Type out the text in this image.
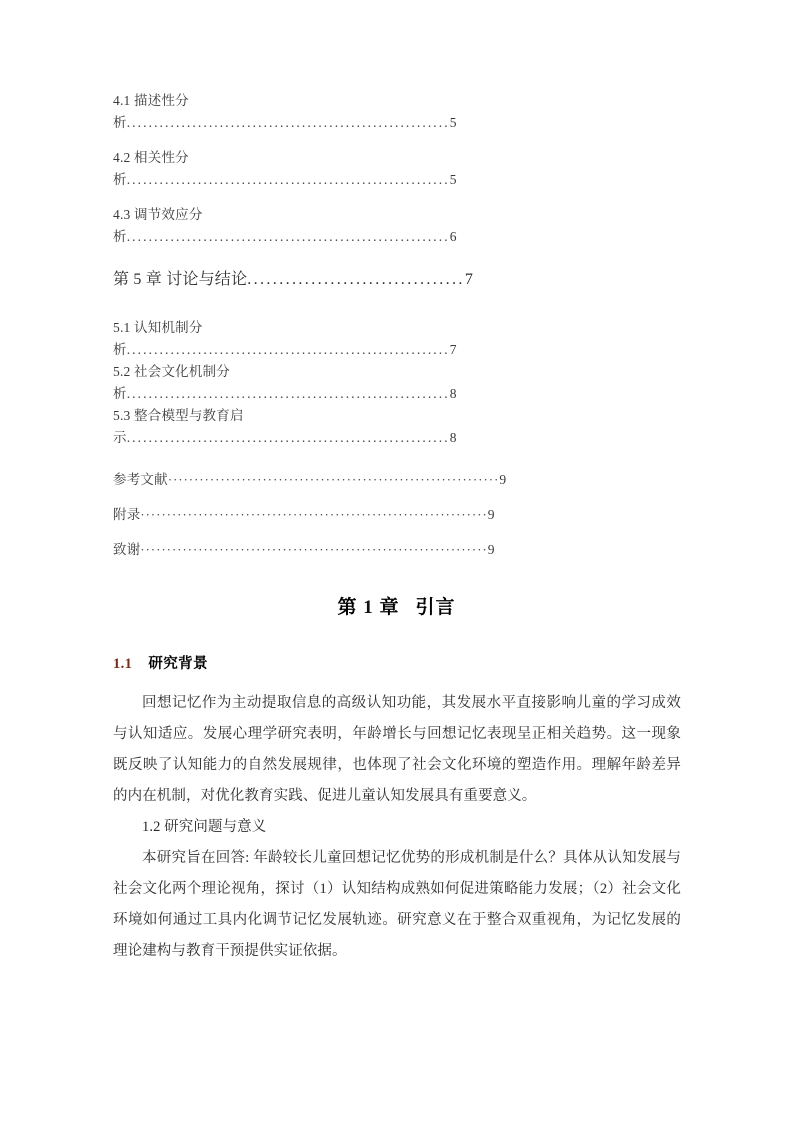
4.1 描述性分
析...........................................................5
4.2 相关性分
析...........................................................5
4.3 调节效应分
析...........................................................6
第 5 章 讨论与结论..................................7
5.1 认知机制分
析...........................................................7
5.2 社会文化机制分
析...........................................................8
5.3 整合模型与教育启
示...........................................................8
参考文献·······························································9
附录··································································9
致谢··································································9
第 1 章 引言
1.1 研究背景

回想记忆作为主动提取信息的高级认知功能，其发展水平直接影响儿童的学习成效与认知适应。发展心理学研究表明，年龄增长与回想记忆表现呈正相关趋势。这一现象既反映了认知能力的自然发展规律，也体现了社会文化环境的塑造作用。理解年龄差异的内在机制，对优化教育实践、促进儿童认知发展具有重要意义。

1.2 研究问题与意义

本研究旨在回答: 年龄较长儿童回想记忆优势的形成机制是什么？具体从认知发展与社会文化两个理论视角，探讨（1）认知结构成熟如何促进策略能力发展；（2）社会文化环境如何通过工具内化调节记忆发展轨迹。研究意义在于整合双重视角，为记忆发展的理论建构与教育干预提供实证依据。
